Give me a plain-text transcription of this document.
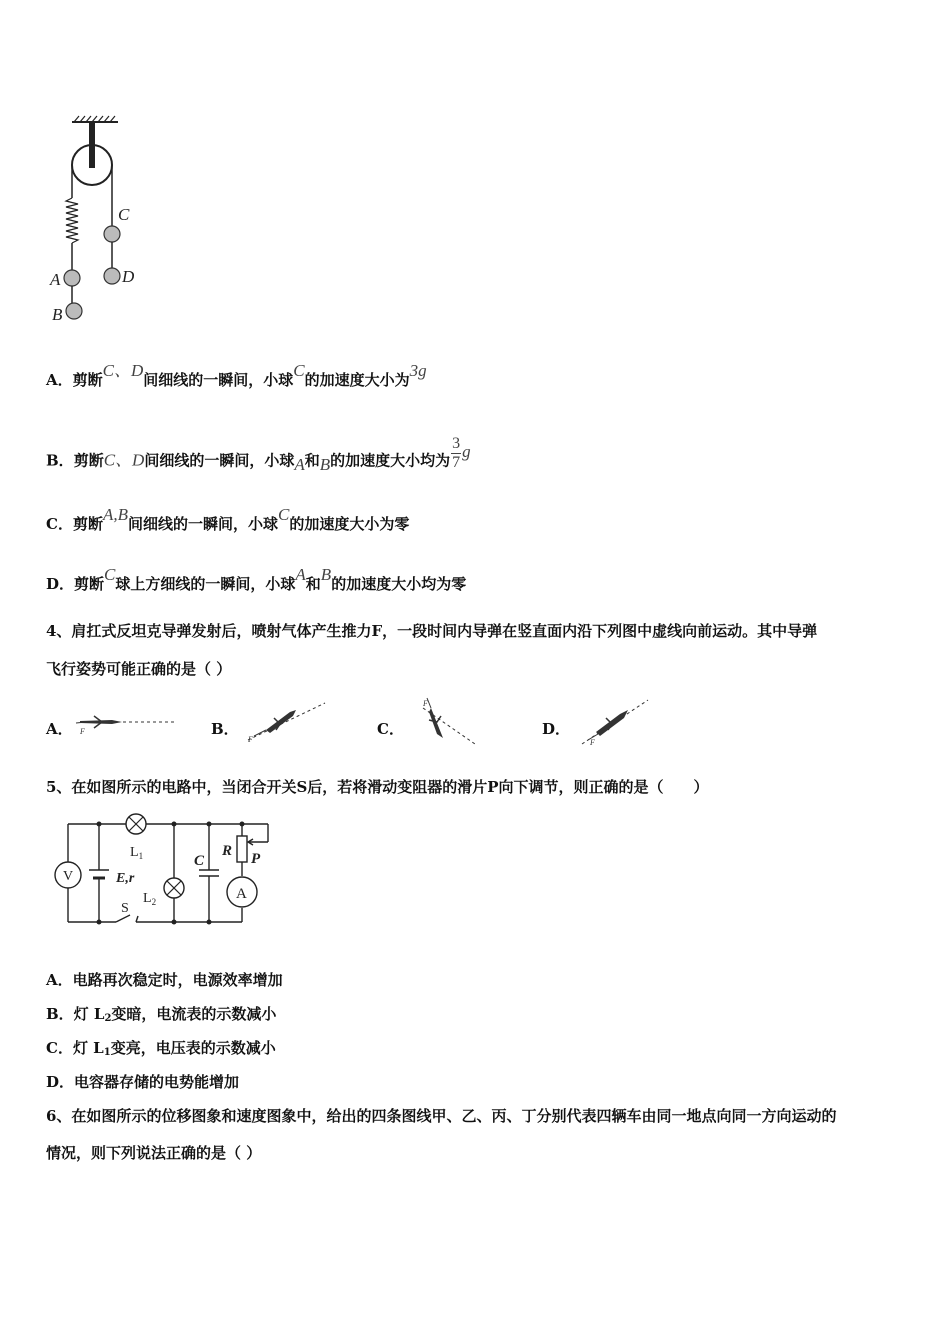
C
A	D
B
A．剪断C、D间细线的一瞬间，小球C的加速度大小为3g
B．剪断C、D间细线的一瞬间，小球A和B的加速度大小均为 $\frac{3}{7}$ g
C．剪断A,B间细线的一瞬间，小球C的加速度大小为零
D．剪断C球上方细线的一瞬间，小球A和B的加速度大小均为零
4、肩扛式反坦克导弹发射后，喷射气体产生推力F，一段时间内导弹在竖直面内沿下列图中虚线向前运动。其中导弹
飞行姿势可能正确的是（ ）
A． F	B．
F
C．
F
D．
F
5、在如图所示的电路中，当闭合开关S后，若将滑动变阻器的滑片P向下调节，则正确的是（　　）
V
A
$L_1$
$L_2$
E,r
S
C
R P
A．电路再次稳定时，电源效率增加
B．灯 $L_2$变暗，电流表的示数减小
C．灯 $L_1$变亮，电压表的示数减小
D．电容器存储的电势能增加
6、在如图所示的位移图象和速度图象中，给出的四条图线甲、乙、丙、丁分别代表四辆车由同一地点向同一方向运动的
情况，则下列说法正确的是（ ）
